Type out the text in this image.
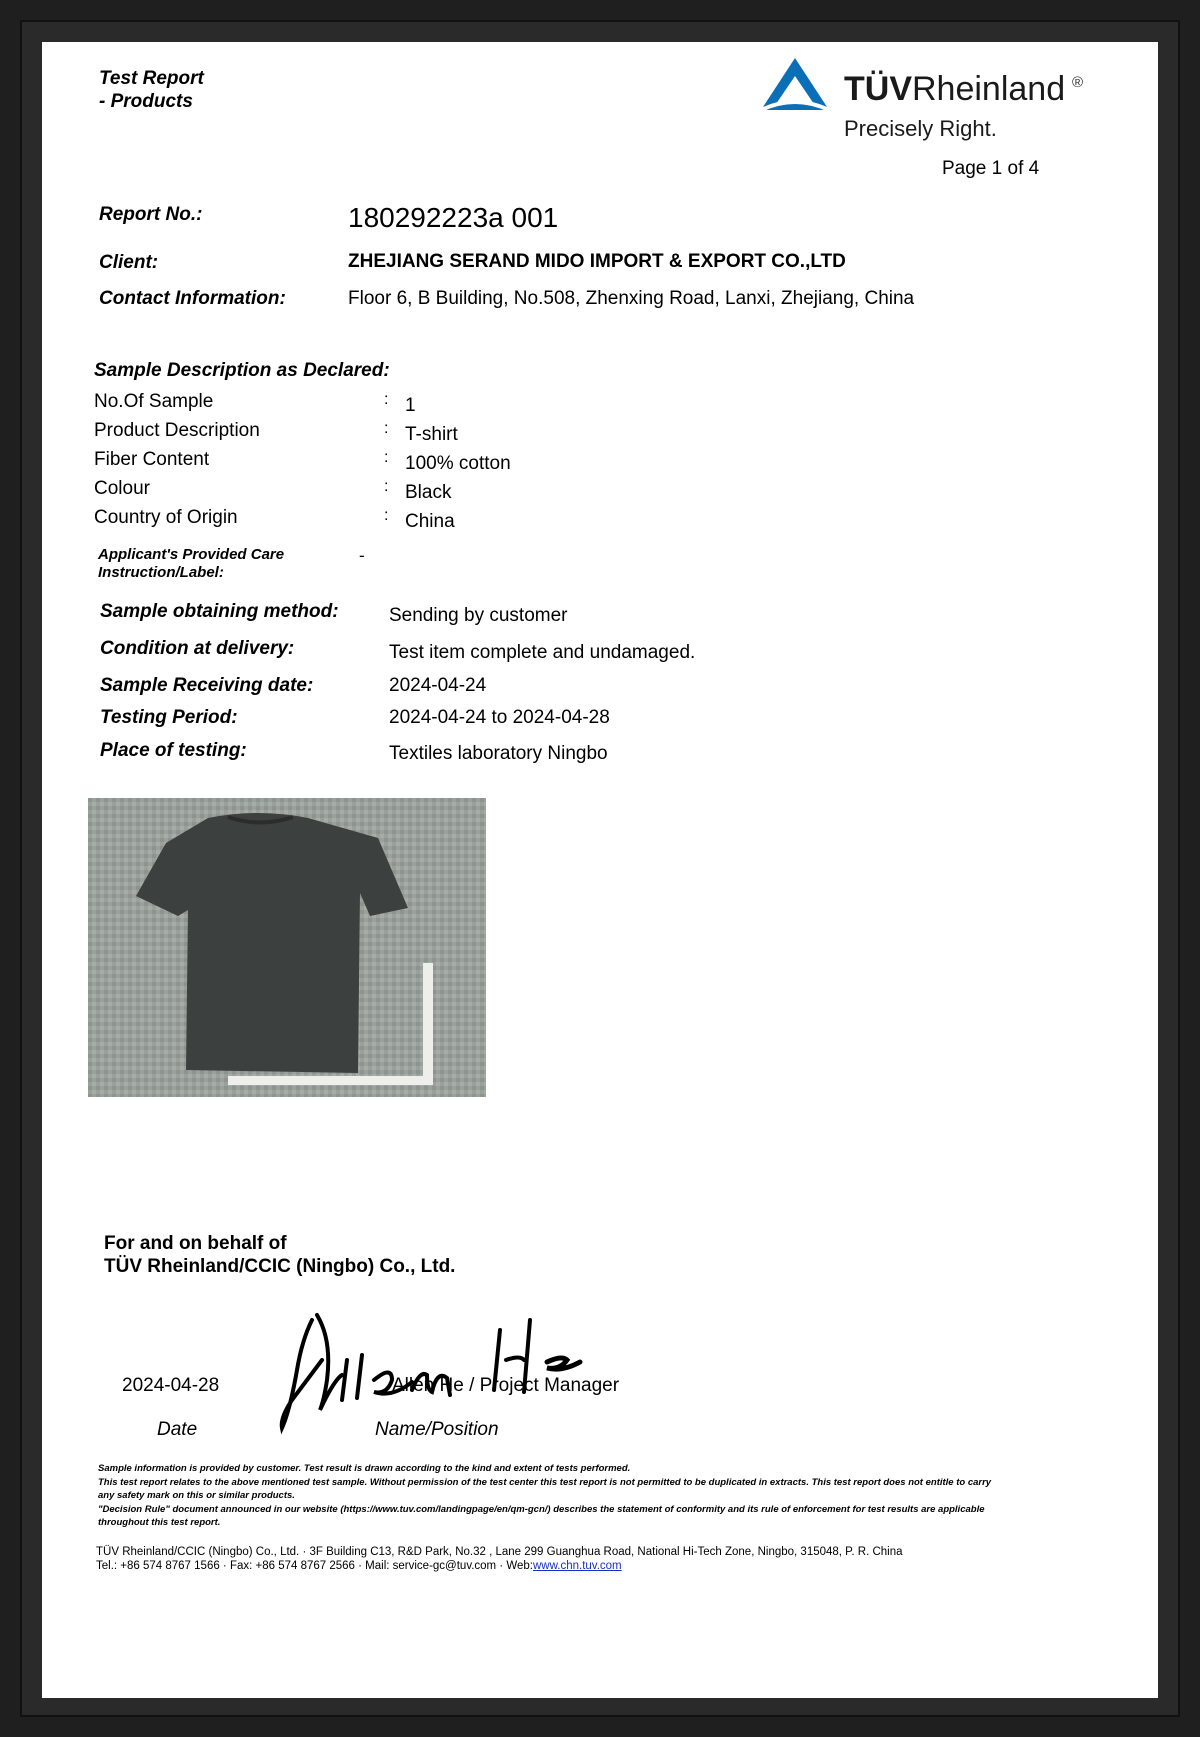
Test Report
- Products	TÜVRheinland ®
Precisely Right.
Page 1 of 4
Report No.:	180292223a 001
Client:	ZHEJIANG SERAND MIDO IMPORT & EXPORT CO.,LTD
Contact Information:	Floor 6, B Building, No.508, Zhenxing Road, Lanxi, Zhejiang, China
Sample Description as Declared:
No.Of Sample	: 1
Product Description	: T-shirt
Fiber Content	: 100% cotton
Colour	: Black
Country of Origin	: China
Applicant's Provided Care
Instruction/Label:
-
Sample obtaining method:	Sending by customer
Condition at delivery:	Test item complete and undamaged.
Sample Receiving date:	2024-04-24
Testing Period:	2024-04-24 to 2024-04-28
Place of testing:	Textiles laboratory Ningbo
For and on behalf of
TÜV Rheinland/CCIC (Ningbo) Co., Ltd.
2024-04-28	Allen He / Project Manager
Date	Name/Position
Sample information is provided by customer. Test result is drawn according to the kind and extent of tests performed.
This test report relates to the above mentioned test sample. Without permission of the test center this test report is not permitted to be duplicated in extracts. This test report does not entitle to carry any safety mark on this or similar products.
"Decision Rule" document announced in our website (https://www.tuv.com/landingpage/en/qm-gcn/) describes the statement of conformity and its rule of enforcement for test results are applicable throughout this test report.
TÜV Rheinland/CCIC (Ningbo) Co., Ltd. · 3F Building C13, R&D Park, No.32 , Lane 299 Guanghua Road, National Hi-Tech Zone, Ningbo, 315048, P. R. China
Tel.: +86 574 8767 1566 · Fax: +86 574 8767 2566 · Mail: service-gc@tuv.com · Web:www.chn.tuv.com
